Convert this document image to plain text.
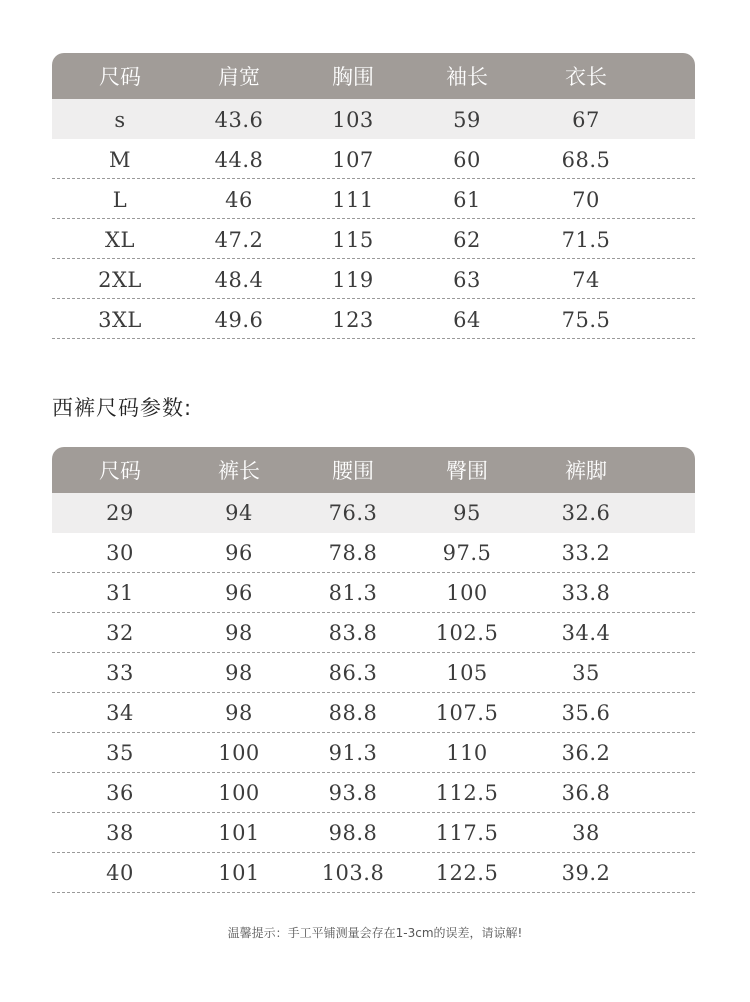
尺码	肩宽	胸围	袖长	衣长
s	43.6	103	59	67
M	44.8	107	60	68.5
L	46	111	61	70
XL	47.2	115	62	71.5
2XL	48.4	119	63	74
3XL	49.6	123	64	75.5
西裤尺码参数:
尺码	裤长	腰围	臀围	裤脚
29	94	76.3	95	32.6
30	96	78.8	97.5	33.2
31	96	81.3	100	33.8
32	98	83.8	102.5	34.4
33	98	86.3	105	35
34	98	88.8	107.5	35.6
35	100	91.3	110	36.2
36	100	93.8	112.5	36.8
38	101	98.8	117.5	38
40	101	103.8	122.5	39.2
温馨提示：手工平铺测量会存在1-3cm的误差，请谅解!
